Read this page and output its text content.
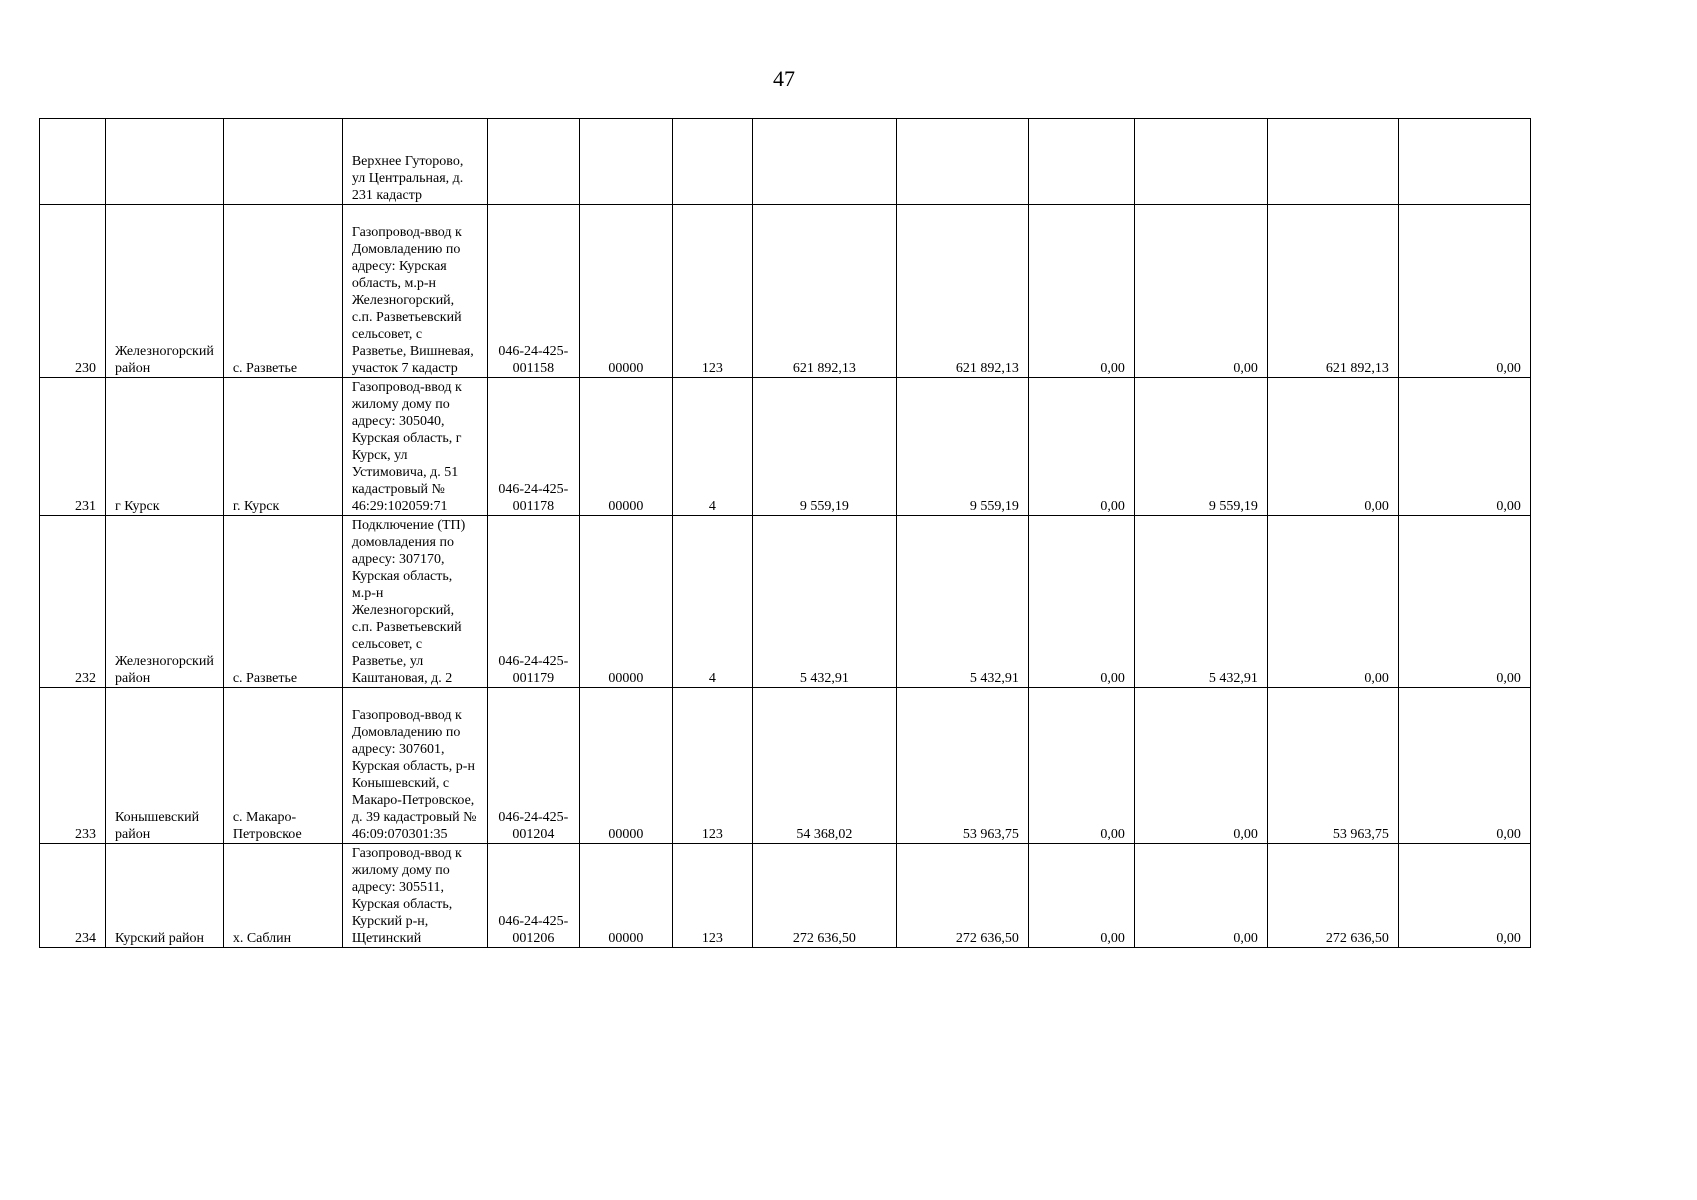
47
			Верхнее Гуторово, ул Центральная, д. 231 кадастр									
230	Железногорский район	с. Разветье	Газопровод-ввод к Домовладению по адресу: Курская область, м.р-н Железногорский, с.п. Разветьевский сельсовет, с Разветье, Вишневая, участок 7 кадастр	046-24-425-001158	00000	123	621 892,13	621 892,13	0,00	0,00	621 892,13	0,00
231	г Курск	г. Курск	Газопровод-ввод к жилому дому по адресу: 305040, Курская область, г Курск, ул Устимовича, д. 51 кадастровый № 46:29:102059:71	046-24-425-001178	00000	4	9 559,19	9 559,19	0,00	9 559,19	0,00	0,00
232	Железногорский район	с. Разветье	Подключение (ТП) домовладения по адресу: 307170, Курская область, м.р-н Железногорский, с.п. Разветьевский сельсовет, с Разветье, ул Каштановая, д. 2	046-24-425-001179	00000	4	5 432,91	5 432,91	0,00	5 432,91	0,00	0,00
233	Конышевский район	с. Макаро-Петровское	Газопровод-ввод к Домовладению по адресу: 307601, Курская область, р-н Конышевский, с Макаро-Петровское, д. 39 кадастровый № 46:09:070301:35	046-24-425-001204	00000	123	54 368,02	53 963,75	0,00	0,00	53 963,75	0,00
234	Курский район	х. Саблин	Газопровод-ввод к жилому дому по адресу: 305511, Курская область, Курский р-н, Щетинский	046-24-425-001206	00000	123	272 636,50	272 636,50	0,00	0,00	272 636,50	0,00
